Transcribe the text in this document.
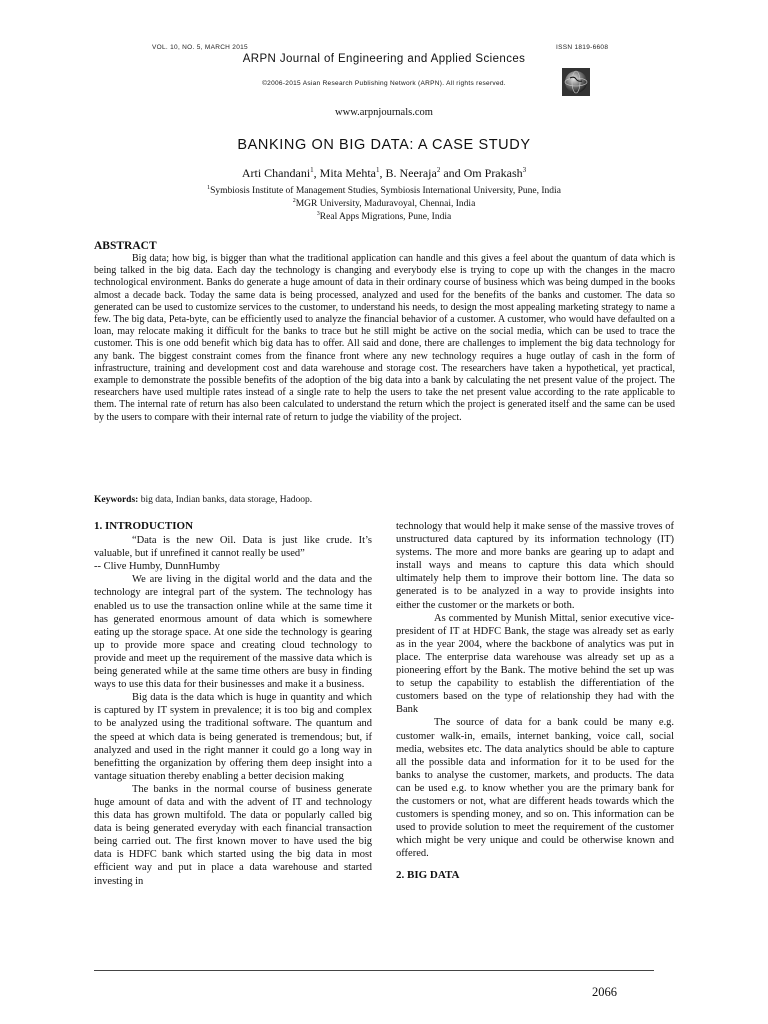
VOL. 10, NO. 5, MARCH 2015	ISSN 1819-6608
ARPN Journal of Engineering and Applied Sciences
©2006-2015 Asian Research Publishing Network (ARPN). All rights reserved.
www.arpnjournals.com
BANKING ON BIG DATA: A CASE STUDY
Arti Chandani$^1$, Mita Mehta$^1$, B. Neeraja$^2$ and Om Prakash$^3$
$^1$Symbiosis Institute of Management Studies, Symbiosis International University, Pune, India
$^2$MGR University, Maduravoyal, Chennai, India
$^3$Real Apps Migrations, Pune, India
ABSTRACT

Big data; how big, is bigger than what the traditional application can handle and this gives a feel about the quantum of data which is being talked in the big data. Each day the technology is changing and everybody else is trying to cope up with the changes in the macro technological environment. Banks do generate a huge amount of data in their ordinary course of business which was being dumped in the books almost a decade back. Today the same data is being processed, analyzed and used for the benefits of the banks and customer. The data so generated can be used to customize services to the customer, to understand his needs, to design the most appealing marketing strategy to name a few. The big data, Peta-byte, can be efficiently used to analyze the financial behavior of a customer. A customer, who would have defaulted on a loan, may relocate making it difficult for the banks to trace but he still might be active on the social media, which can be used to trace the customer. This is one odd benefit which big data has to offer. All said and done, there are challenges to implement the big data technology for any bank. The biggest constraint comes from the finance front where any new technology requires a huge outlay of cash in the form of infrastructure, training and development cost and data warehouse and storage cost. The researchers have taken a hypothetical, yet practical, example to demonstrate the possible benefits of the adoption of the big data into a bank by calculating the net present value of the project. The researchers have used multiple rates instead of a single rate to help the users to take the net present value according to the rate applicable to them. The internal rate of return has also been calculated to understand the return which the project is generated itself and the same can be used by the users to compare with their internal rate of return to judge the viability of the project.

Keywords: big data, Indian banks, data storage, Hadoop.
1. INTRODUCTION

“Data is the new Oil. Data is just like crude. It’s valuable, but if unrefined it cannot really be used”

-- Clive Humby, DunnHumby

We are living in the digital world and the data and the technology are integral part of the system. The technology has enabled us to use the transaction online while at the same time it has generated enormous amount of data which is somewhere eating up the storage space. At one side the technology is gearing up to provide more space and creating cloud technology to provide and meet up the requirement of the massive data which is being generated while at the same time others are busy in finding ways to use this data for their businesses and make it a business.

Big data is the data which is huge in quantity and which is captured by IT system in prevalence; it is too big and complex to be analyzed using the traditional software. The quantum and the speed at which data is being generated is tremendous; but, if analyzed and used in the right manner it could go a long way in benefitting the organization by offering them deep insight into a vantage situation thereby enabling a better decision making

The banks in the normal course of business generate huge amount of data and with the advent of IT and technology this data has grown multifold. The data or popularly called big data is being generated everyday with each financial transaction being carried out. The first known mover to have used the big data is HDFC bank which started using the big data in most efficient way and put in place a data warehouse and started investing in

technology that would help it make sense of the massive troves of unstructured data captured by its information technology (IT) systems. The more and more banks are gearing up to adapt and install ways and means to capture this data which should ultimately help them to improve their bottom line. The data so generated is to be analyzed in a way to provide insights into either the customer or the markets or both.

As commented by Munish Mittal, senior executive vice-president of IT at HDFC Bank, the stage was already set as early as in the year 2004, where the backbone of analytics was put in place. The enterprise data warehouse was already set up as a pioneering effort by the Bank. The motive behind the set up was to setup the capability to establish the differentiation of the customers based on the type of relationship they had with the Bank

The source of data for a bank could be many e.g. customer walk-in, emails, internet banking, voice call, social media, websites etc. The data analytics should be able to capture all the possible data and information for it to be used for the banks to analyse the customer, markets, and products. The data can be used e.g. to know whether you are the primary bank for the customers or not, what are different heads towards which the customers is spending money, and so on. This information can be used to provide solution to meet the requirement of the customer which might be very unique and could be otherwise known and offered.

2. BIG DATA
2066
